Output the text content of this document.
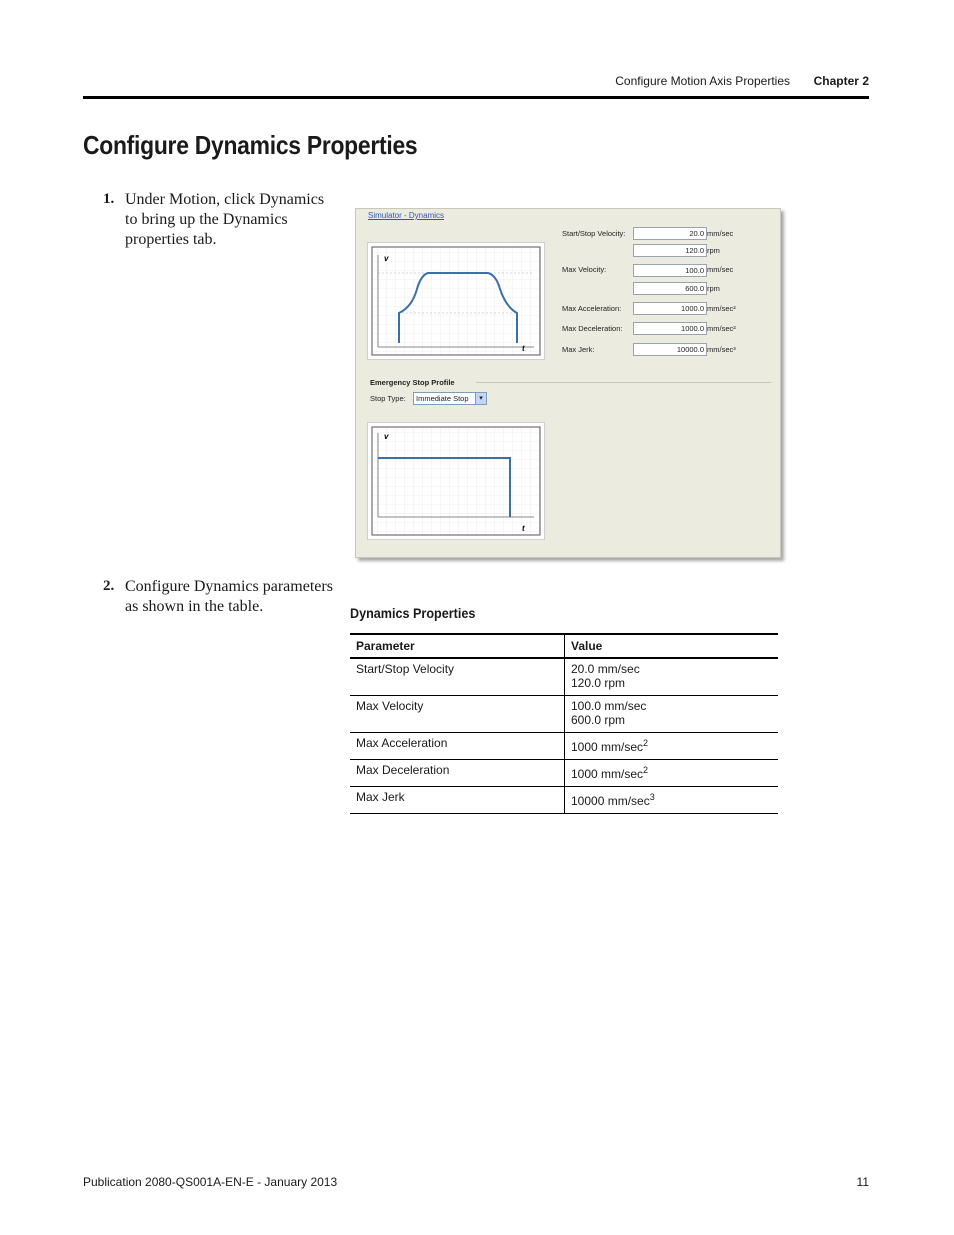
Configure Motion Axis Properties	Chapter 2
Configure Dynamics Properties
1. Under Motion, click Dynamics
to bring up the Dynamics
properties tab.
2. Configure Dynamics parameters
as shown in the table.
Simulator - Dynamics
v
t
Start/Stop Velocity:	20.0 mm/sec
120.0 rpm
Max Velocity:	100.0 mm/sec
600.0 rpm
Max Acceleration:	1000.0 mm/sec²
Max Deceleration:	1000.0 mm/sec²
Max Jerk:	10000.0 mm/sec³
Emergency Stop Profile
Stop Type:	Immediate Stop	▾
v
t
Dynamics Properties
Parameter	Value
Start/Stop Velocity	20.0 mm/sec
120.0 rpm

Max Velocity	100.0 mm/sec
600.0 rpm

Max Acceleration	1000 $mm/\sec^2$
Max Deceleration	1000 $mm/\sec^2$
Max Jerk	10000 $mm/\sec^3$
Publication 2080-QS001A-EN-E - January 2013	11
